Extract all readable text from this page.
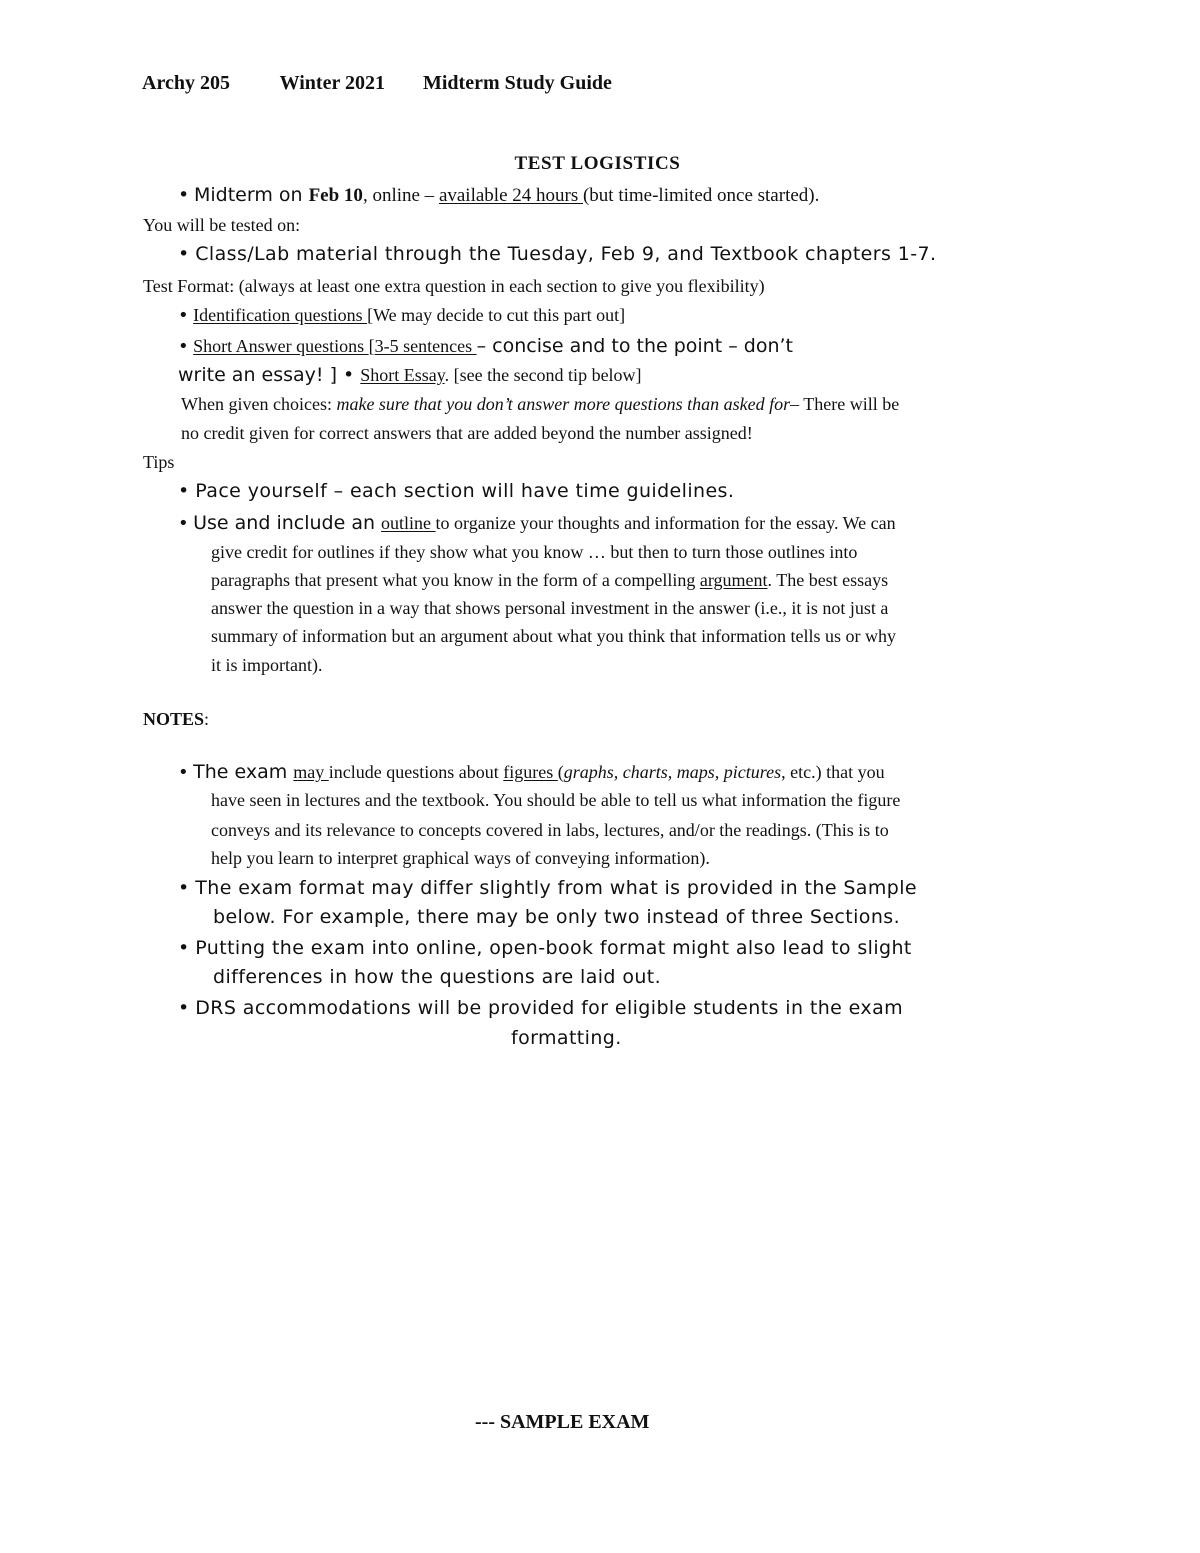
Archy 205 Winter 2021 Midterm Study Guide
TEST LOGISTICS
• Midterm on Feb 10, online – available 24 hours (but time-limited once started).
You will be tested on:
• Class/Lab material through the Tuesday, Feb 9, and Textbook chapters 1-7.
Test Format: (always at least one extra question in each section to give you flexibility)
• Identification questions [We may decide to cut this part out]
• Short Answer questions [3-5 sentences – concise and to the point – don’t
write an essay! ] • Short Essay. [see the second tip below]
When given choices: make sure that you don’t answer more questions than asked for– There will be
no credit given for correct answers that are added beyond the number assigned!
Tips
• Pace yourself – each section will have time guidelines.
• Use and include an outline to organize your thoughts and information for the essay. We can
give credit for outlines if they show what you know … but then to turn those outlines into
paragraphs that present what you know in the form of a compelling argument. The best essays
answer the question in a way that shows personal investment in the answer (i.e., it is not just a
summary of information but an argument about what you think that information tells us or why
it is important).
NOTES:
• The exam may include questions about figures (graphs, charts, maps, pictures, etc.) that you
have seen in lectures and the textbook. You should be able to tell us what information the figure
conveys and its relevance to concepts covered in labs, lectures, and/or the readings. (This is to
help you learn to interpret graphical ways of conveying information).
• The exam format may differ slightly from what is provided in the Sample
below. For example, there may be only two instead of three Sections.
• Putting the exam into online, open-book format might also lead to slight
differences in how the questions are laid out.
• DRS accommodations will be provided for eligible students in the exam
formatting.
--- SAMPLE EXAM
